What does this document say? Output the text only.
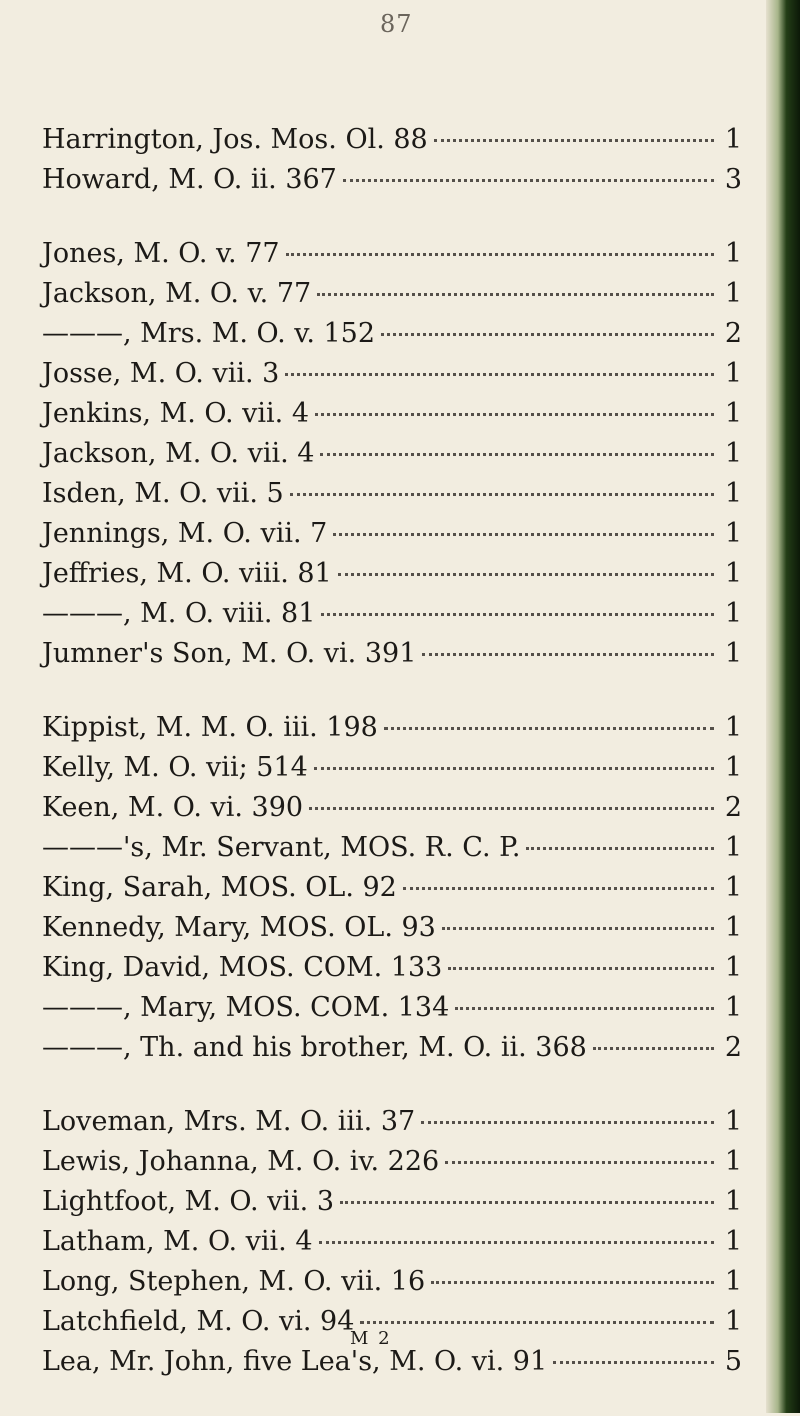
87
Harrington, Jos. Mos. Ol. 88	1
Howard, M. O. ii. 367	3
Jones, M. O. v. 77	1
Jackson, M. O. v. 77	1
———, Mrs. M. O. v. 152	2
Josse, M. O. vii. 3	1
Jenkins, M. O. vii. 4	1
Jackson, M. O. vii. 4	1
Isden, M. O. vii. 5	1
Jennings, M. O. vii. 7	1
Jeffries, M. O. viii. 81	1
———, M. O. viii. 81	1
Jumner's Son, M. O. vi. 391	1
Kippist, M. M. O. iii. 198	1
Kelly, M. O. vii; 514	1
Keen, M. O. vi. 390	2
———'s, Mr. Servant, MOS. R. C. P.	1
King, Sarah, MOS. OL. 92	1
Kennedy, Mary, MOS. OL. 93	1
King, David, MOS. COM. 133	1
———, Mary, MOS. COM. 134	1
———, Th. and his brother, M. O. ii. 368	2
Loveman, Mrs. M. O. iii. 37	1
Lewis, Johanna, M. O. iv. 226	1
Lightfoot, M. O. vii. 3	1
Latham, M. O. vii. 4	1
Long, Stephen, M. O. vii. 16	1
Latchfield, M. O. vi. 94	1
Lea, Mr. John, five Lea's, M. O. vi. 91	5
M 2
